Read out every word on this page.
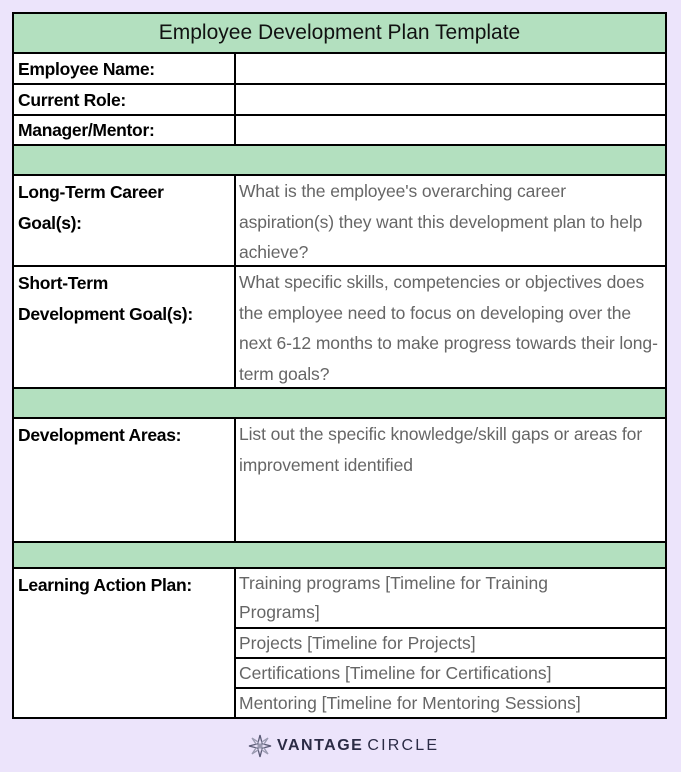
Employee Development Plan Template
Employee Name:
Current Role:
Manager/Mentor:
Long-Term Career
Goal(s):
What is the employee's overarching career aspiration(s) they want this development plan to help achieve?
Short-Term
Development Goal(s):
What specific skills, competencies or objectives does the employee need to focus on developing over the next 6-12 months to make progress towards their long-term goals?
Development Areas:	List out the specific knowledge/skill gaps or areas for improvement identified
Learning Action Plan:	Training programs [Timeline for Training Programs]
Projects [Timeline for Projects]
Certifications [Timeline for Certifications]
Mentoring [Timeline for Mentoring Sessions]
VANTAGE CIRCLE
